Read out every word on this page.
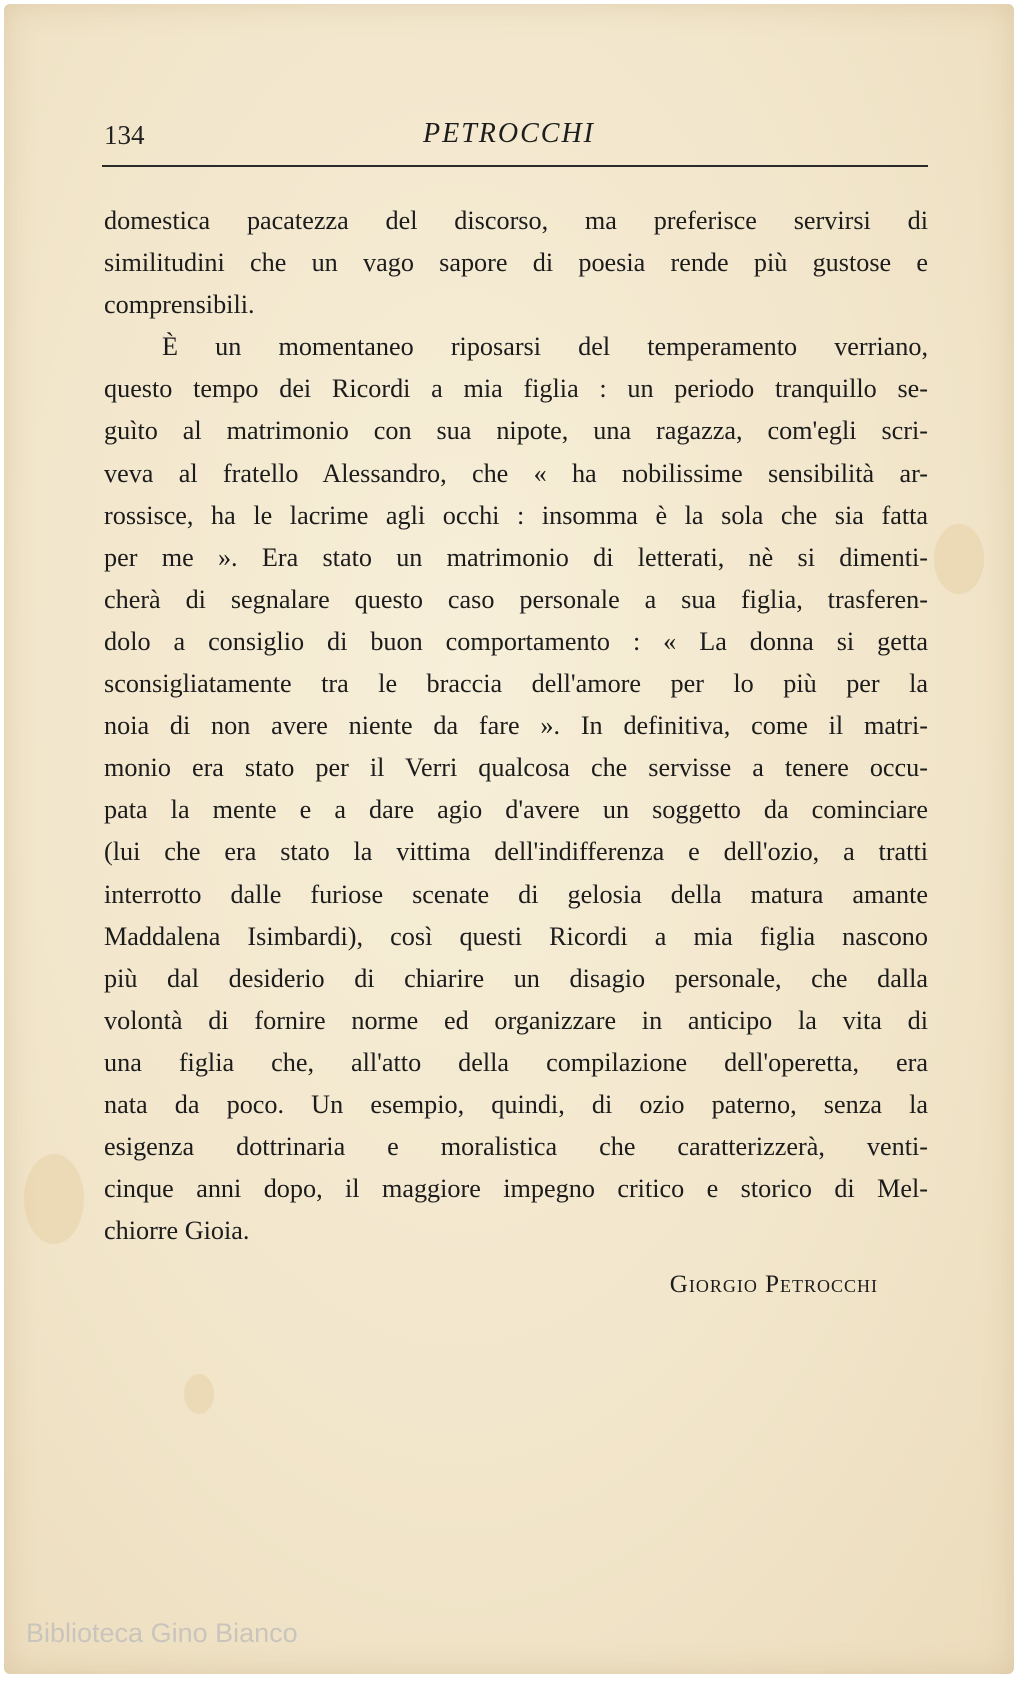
134	PETROCCHI
domestica pacatezza del discorso, ma preferisce servirsi di
similitudini che un vago sapore di poesia rende più gustose e
comprensibili.
È un momentaneo riposarsi del temperamento verriano,
questo tempo dei Ricordi a mia figlia : un periodo tranquillo se-
guìto al matrimonio con sua nipote, una ragazza, com'egli scri-
veva al fratello Alessandro, che « ha nobilissime sensibilità ar-
rossisce, ha le lacrime agli occhi : insomma è la sola che sia fatta
per me ». Era stato un matrimonio di letterati, nè si dimenti-
cherà di segnalare questo caso personale a sua figlia, trasferen-
dolo a consiglio di buon comportamento : « La donna si getta
sconsigliatamente tra le braccia dell'amore per lo più per la
noia di non avere niente da fare ». In definitiva, come il matri-
monio era stato per il Verri qualcosa che servisse a tenere occu-
pata la mente e a dare agio d'avere un soggetto da cominciare
(lui che era stato la vittima dell'indifferenza e dell'ozio, a tratti
interrotto dalle furiose scenate di gelosia della matura amante
Maddalena Isimbardi), così questi Ricordi a mia figlia nascono
più dal desiderio di chiarire un disagio personale, che dalla
volontà di fornire norme ed organizzare in anticipo la vita di
una figlia che, all'atto della compilazione dell'operetta, era
nata da poco. Un esempio, quindi, di ozio paterno, senza la
esigenza dottrinaria e moralistica che caratterizzerà, venti-
cinque anni dopo, il maggiore impegno critico e storico di Mel-
chiorre Gioia.
Giorgio Petrocchi
Biblioteca Gino Bianco
